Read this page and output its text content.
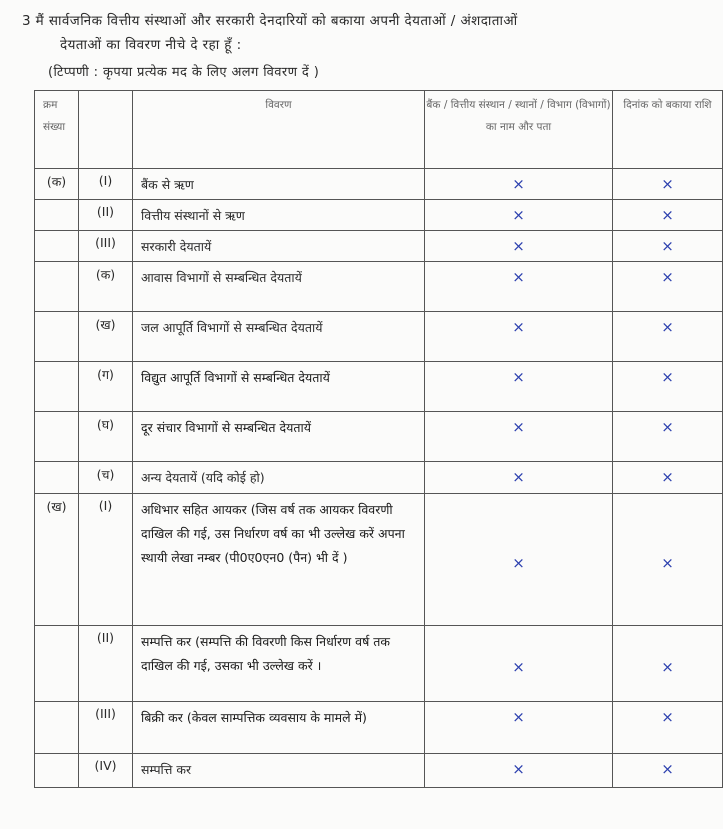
3 मैं सार्वजनिक वित्तीय संस्थाओं और सरकारी देनदारियों को बकाया अपनी देयताओं / अंशदाताओं
देयताओं का विवरण नीचे दे रहा हूँ :
(टिप्पणी : कृपया प्रत्येक मद के लिए अलग विवरण दें )
क्रम संख्या		विवरण	बैंक / वित्तीय संस्थान / स्थानों / विभाग (विभागों) का नाम और पता	दिनांक को बकाया राशि
(क)	(I)	बैंक से ऋण	×	×
	(II)	वित्तीय संस्थानों से ऋण	×	×
	(III)	सरकारी देयतायें	×	×
	(क)	आवास विभागों से सम्बन्धित देयतायें	×	×
	(ख)	जल आपूर्ति विभागों से सम्बन्धित देयतायें	×	×
	(ग)	विद्युत आपूर्ति विभागों से सम्बन्धित देयतायें	×	×
	(घ)	दूर संचार विभागों से सम्बन्धित देयतायें	×	×
	(च)	अन्य देयतायें (यदि कोई हो)	×	×
(ख)	(I)	अधिभार सहित आयकर (जिस वर्ष तक आयकर विवरणी दाखिल की गई, उस निर्धारण वर्ष का भी उल्लेख करें अपना स्थायी लेखा नम्बर (पी0ए0एन0 (पैन) भी दें )	×	×
	(II)	सम्पत्ति कर (सम्पत्ति की विवरणी किस निर्धारण वर्ष तक दाखिल की गई, उसका भी उल्लेख करें ।	×	×
	(III)	बिक्री कर (केवल साम्पत्तिक व्यवसाय के मामले में)	×	×
	(IV)	सम्पत्ति कर	×	×
